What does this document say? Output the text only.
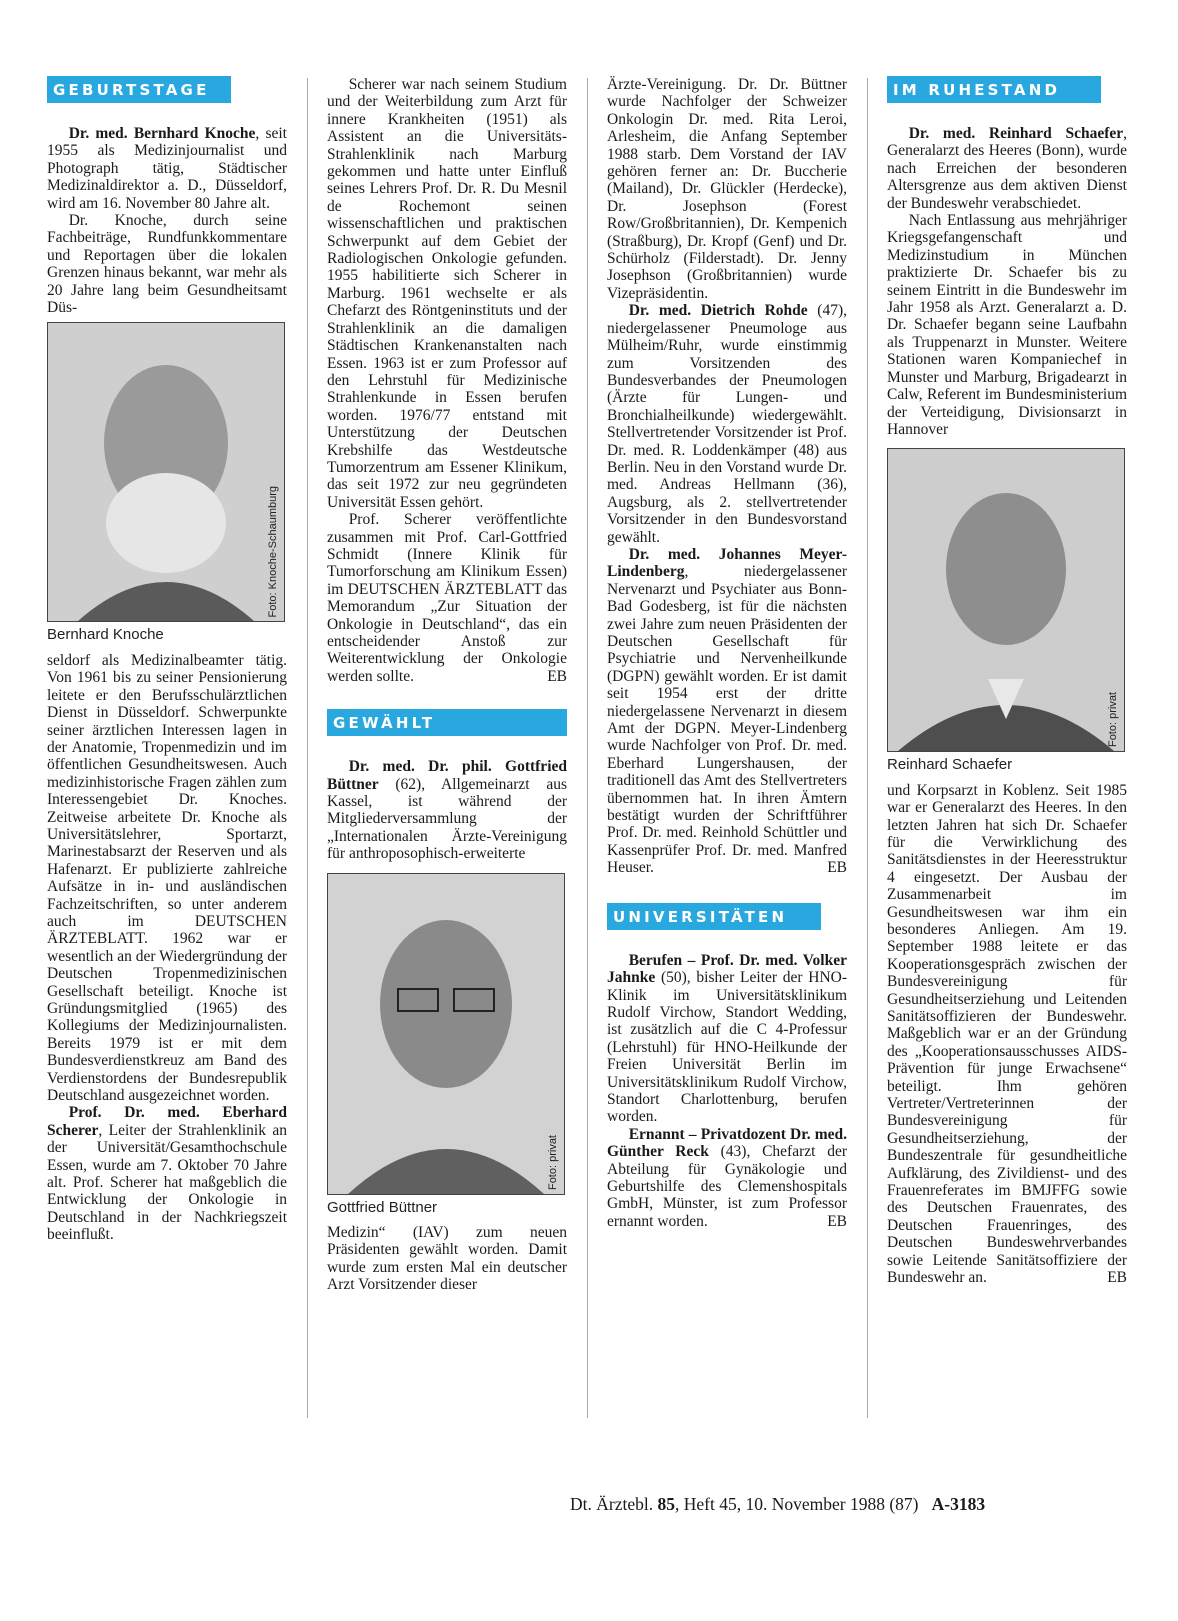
GEBURTSTAGE

Dr. med. Bernhard Knoche, seit 1955 als Medizinjournalist und Photograph tätig, Städtischer Medizinaldirektor a. D., Düsseldorf, wird am 16. November 80 Jahre alt.

Dr. Knoche, durch seine Fachbeiträge, Rundfunkkommentare und Reportagen über die lokalen Grenzen hinaus bekannt, war mehr als 20 Jahre lang beim Gesundheitsamt Düs-

Foto: Knoche-Schaumburg
Bernhard Knoche

seldorf als Medizinalbeamter tätig. Von 1961 bis zu seiner Pensionierung leitete er den Berufsschulärztlichen Dienst in Düsseldorf. Schwerpunkte seiner ärztlichen Interessen lagen in der Anatomie, Tropenmedizin und im öffentlichen Gesundheitswesen. Auch medizinhistorische Fragen zählen zum Interessengebiet Dr. Knoches. Zeitweise arbeitete Dr. Knoche als Universitätslehrer, Sportarzt, Marinestabsarzt der Reserven und als Hafenarzt. Er publizierte zahlreiche Aufsätze in in- und ausländischen Fachzeitschriften, so unter anderem auch im DEUTSCHEN ÄRZTEBLATT. 1962 war er wesentlich an der Wiedergründung der Deutschen Tropenmedizinischen Gesellschaft beteiligt. Knoche ist Gründungsmitglied (1965) des Kollegiums der Medizinjournalisten. Bereits 1979 ist er mit dem Bundesverdienstkreuz am Band des Verdienstordens der Bundesrepublik Deutschland ausgezeichnet worden.

Prof. Dr. med. Eberhard Scherer, Leiter der Strahlenklinik an der Universität/Gesamthochschule Essen, wurde am 7. Oktober 70 Jahre alt. Prof. Scherer hat maßgeblich die Entwicklung der Onkologie in Deutschland in der Nachkriegszeit beeinflußt.

Scherer war nach seinem Studium und der Weiterbildung zum Arzt für innere Krankheiten (1951) als Assistent an die Universitäts-Strahlenklinik nach Marburg gekommen und hatte unter Einfluß seines Lehrers Prof. Dr. R. Du Mesnil de Rochemont seinen wissenschaftlichen und praktischen Schwerpunkt auf dem Gebiet der Radiologischen Onkologie gefunden. 1955 habilitierte sich Scherer in Marburg. 1961 wechselte er als Chefarzt des Röntgeninstituts und der Strahlenklinik an die damaligen Städtischen Krankenanstalten nach Essen. 1963 ist er zum Professor auf den Lehrstuhl für Medizinische Strahlenkunde in Essen berufen worden. 1976/77 entstand mit Unterstützung der Deutschen Krebshilfe das Westdeutsche Tumorzentrum am Essener Klinikum, das seit 1972 zur neu gegründeten Universität Essen gehört.

Prof. Scherer veröffentlichte zusammen mit Prof. Carl-Gottfried Schmidt (Innere Klinik für Tumorforschung am Klinikum Essen) im DEUTSCHEN ÄRZTEBLATT das Memorandum „Zur Situation der Onkologie in Deutschland“, das ein entscheidender Anstoß zur Weiterentwicklung der Onkologie werden sollte.	EB

GEWÄHLT

Dr. med. Dr. phil. Gottfried Büttner (62), Allgemeinarzt aus Kassel, ist während der Mitgliederversammlung der „Internationalen Ärzte-Vereinigung für anthroposophisch-erweiterte

Foto: privat
Gottfried Büttner

Medizin“ (IAV) zum neuen Präsidenten gewählt worden. Damit wurde zum ersten Mal ein deutscher Arzt Vorsitzender dieser

Ärzte-Vereinigung. Dr. Dr. Büttner wurde Nachfolger der Schweizer Onkologin Dr. med. Rita Leroi, Arlesheim, die Anfang September 1988 starb. Dem Vorstand der IAV gehören ferner an: Dr. Buccherie (Mailand), Dr. Glückler (Herdecke), Dr. Josephson (Forest Row/Großbritannien), Dr. Kempenich (Straßburg), Dr. Kropf (Genf) und Dr. Schürholz (Filderstadt). Dr. Jenny Josephson (Großbritannien) wurde Vizepräsidentin.

Dr. med. Dietrich Rohde (47), niedergelassener Pneumologe aus Mülheim/Ruhr, wurde einstimmig zum Vorsitzenden des Bundesverbandes der Pneumologen (Ärzte für Lungen- und Bronchialheilkunde) wiedergewählt. Stellvertretender Vorsitzender ist Prof. Dr. med. R. Loddenkämper (48) aus Berlin. Neu in den Vorstand wurde Dr. med. Andreas Hellmann (36), Augsburg, als 2. stellvertretender Vorsitzender in den Bundesvorstand gewählt.

Dr. med. Johannes Meyer-Lindenberg, niedergelassener Nervenarzt und Psychiater aus Bonn-Bad Godesberg, ist für die nächsten zwei Jahre zum neuen Präsidenten der Deutschen Gesellschaft für Psychiatrie und Nervenheilkunde (DGPN) gewählt worden. Er ist damit seit 1954 erst der dritte niedergelassene Nervenarzt in diesem Amt der DGPN. Meyer-Lindenberg wurde Nachfolger von Prof. Dr. med. Eberhard Lungershausen, der traditionell das Amt des Stellvertreters übernommen hat. In ihren Ämtern bestätigt wurden der Schriftführer Prof. Dr. med. Reinhold Schüttler und Kassenprüfer Prof. Dr. med. Manfred Heuser.	EB

UNIVERSITÄTEN

Berufen – Prof. Dr. med. Volker Jahnke (50), bisher Leiter der HNO-Klinik im Universitätsklinikum Rudolf Virchow, Standort Wedding, ist zusätzlich auf die C 4-Professur (Lehrstuhl) für HNO-Heilkunde der Freien Universität Berlin im Universitätsklinikum Rudolf Virchow, Standort Charlottenburg, berufen worden.

Ernannt – Privatdozent Dr. med. Günther Reck (43), Chefarzt der Abteilung für Gynäkologie und Geburtshilfe des Clemenshospitals GmbH, Münster, ist zum Professor ernannt worden.	EB

IM RUHESTAND

Dr. med. Reinhard Schaefer, Generalarzt des Heeres (Bonn), wurde nach Erreichen der besonderen Altersgrenze aus dem aktiven Dienst der Bundeswehr verabschiedet.

Nach Entlassung aus mehrjähriger Kriegsgefangenschaft und Medizinstudium in München praktizierte Dr. Schaefer bis zu seinem Eintritt in die Bundeswehr im Jahr 1958 als Arzt. Generalarzt a. D. Dr. Schaefer begann seine Laufbahn als Truppenarzt in Munster. Weitere Stationen waren Kompaniechef in Munster und Marburg, Brigadearzt in Calw, Referent im Bundesministerium der Verteidigung, Divisionsarzt in Hannover

Foto: privat
Reinhard Schaefer

und Korpsarzt in Koblenz. Seit 1985 war er Generalarzt des Heeres. In den letzten Jahren hat sich Dr. Schaefer für die Verwirklichung des Sanitätsdienstes in der Heeresstruktur 4 eingesetzt. Der Ausbau der Zusammenarbeit im Gesundheitswesen war ihm ein besonderes Anliegen. Am 19. September 1988 leitete er das Kooperationsgespräch zwischen der Bundesvereinigung für Gesundheitserziehung und Leitenden Sanitätsoffizieren der Bundeswehr. Maßgeblich war er an der Gründung des „Kooperationsausschusses AIDS-Prävention für junge Erwachsene“ beteiligt. Ihm gehören Vertreter/Vertreterinnen der Bundesvereinigung für Gesundheitserziehung, der Bundeszentrale für gesundheitliche Aufklärung, des Zivildienst- und des Frauenreferates im BMJFFG sowie des Deutschen Frauenrates, des Deutschen Frauenringes, des Deutschen Bundeswehrverbandes sowie Leitende Sanitätsoffiziere der Bundeswehr an.	EB

Dt. Ärztebl. 85, Heft 45, 10. November 1988 (87) A-3183
